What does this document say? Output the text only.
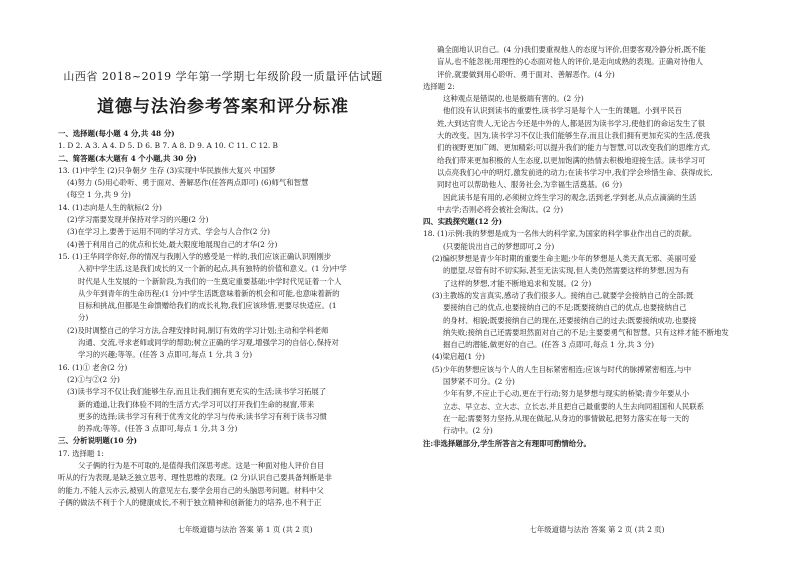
山西省 2018~2019 学年第一学期七年级阶段一质量评估试题
道德与法治参考答案和评分标准
一、选择题(每小题 4 分,共 48 分)
1. D 2. A 3. A 4. D 5. D 6. B 7. A 8. D 9. A 10. C 11. C 12. B
二、简答题(本大题有 4 个小题,共 30 分)
13. (1)中学生 (2)只争朝夕 生存 (3)实现中华民族伟大复兴 中国梦
(4)努力 (5)用心聆听、勇于面对、善解恶作(任答两点即可) (6)师气和智慧
(每空 1 分,共 9 分)
14. (1)志向是人生的航标(2 分)
(2)学习需要发现并保持对学习的兴趣(2 分)
(3)在学习上,要善于运用不同的学习方式、学会与人合作(2 分)
(4)善于利用自己的优点和长处,最大限度地展现自己的才华(2 分)
15. (1)王华同学你好,你的情况与我刚入学的感受是一样的,我们应该正确认识刚刚步
入初中学生活,这是我们成长的又一个新的起点,具有独特的价值和意义。(1 分)中学
时代是人生发展的一个新阶段,为我们的一生奠定重要基础;中学时代见证着一个人
从少年到青年的生命历程;(1 分)中学生活既意味着新的机会和可能,也意味着新的
目标和挑战,但都是生命馈赠给我们的成长礼物,我们应该珍惜,更要尽快适应。(1
分)
(2)及时调整自己的学习方法,合理安排时间,制订有效的学习计划;主动和学科老师
沟通、交流,寻求老师或同学的帮助;树立正确的学习观,增强学习的自信心,保持对
学习的兴趣;等等。(任答 3 点即可,每点 1 分,共 3 分)
16. (1)① 老舍(2 分)
(2)①与②(2 分)
(3)读书学习不仅让我们能够生存,而且让我们拥有更充实的生活;读书学习拓展了
新的通道,让我们体验不同的生活方式;学习可以打开我们生命的视窗,带来
更多的选择;读书学习有利于优秀文化的学习与传承;读书学习有利于读书习惯
的养成;等等。(任答 3 点即可,每点 1 分,共 3 分)
三、分析说明题(10 分)
17. 选择题 1:
父子俩的行为是不可取的,是值得我们深思考虑。这是一种面对他人评价自目
听从的行为表现,是缺乏独立思考、理性思维的表现。(2 分)认识自己要具备判断是非
的能力,不能人云亦云,被别人的意见左右,要学会用自己的头脑思考问题。材料中父
子俩的做法不利于个人的健康成长,不利于独立精神和创新能力的培养,也不利于正
七年级道德与法治 答案 第 1 页 (共 2 页)
确全面地认识自己。(4 分)我们要重视他人的态度与评价,但要客观冷静分析,既不能
盲从,也不能忽视;用理性的心态面对他人的评价,是走向成熟的表现。正确对待他人
评价,就要做到用心聆听、勇于面对、善解恶作。(4 分)
选择题 2:
这种观点是错误的,也是极端有害的。(2 分)
他们没有认识到读书的重要性,读书学习是每个人一生的课题。小到平民百
姓,大到达官贵人,无论古今还是中外的人,都是因为读书学习,使他们的命运发生了很
大的改变。因为,读书学习不仅让我们能够生存,而且让我们拥有更加充实的生活,使我
们的视野更加广阔、更加精彩;可以提升我们的能力与智慧,可以改变我们的思维方式,
给我们带来更加积极的人生态度,以更加饱满的热情去积极地迎接生活。读书学习可
以点亮我们心中的明灯,激发前进的动力;在读书学习中,我们学会珍惜生命、获得成长,
同时也可以帮助他人、服务社会,为幸福生活奠基。(6 分)
因此读书是有用的,必须树立终生学习的观念,活到老,学到老,从点点滴滴的生活
中去学;否则必将会被社会淘汰。(2 分)
四、实践探究题(12 分)
18. (1)示例:我的梦想是成为一名伟大的科学家,为国家的科学事业作出自己的贡献。
(只要能说出自己的梦想即可,2 分)
(2)编织梦想是青少年时期的重要生命主题;少年的梦想是人类天真无邪、美丽可爱
的愿望,尽管有时不切实际,甚至无法实现,但人类仍然需要这样的梦想,因为有
了这样的梦想,才能不断地追求和发展。(2 分)
(3)主教练的发言真实,感动了我们很多人。接纳自己,就要学会接纳自己的全部;既
要接纳自己的优点,也要接纳自己的不足;既要接纳自己的优点,也要接纳自己
的身材、相貌;既要接纳自己的现在,还要接纳自己的过去;既要接纳成功,也要接
纳失败;接纳自己还需要坦然面对自己的不足;主要要勇气和智慧。只有这样才能不断地发
掘自己的潜能,做更好的自己。(任答 3 点即可,每点 1 分,共 3 分)
(4)梁启超(1 分)
(5)少年的梦想应该与个人的人生目标紧密相连;应该与时代的脉搏紧密相连,与中
国梦紧不可分。(2 分)
少年有梦,不应止于心动,更在于行动;努力是梦想与现实的桥梁;青少年要从小
立志、早立志、立大志、立长志,并且把自己最重要的人生去向同祖国和人民联系
在一起;需要努力坚持,从现在做起,从身边的事情做起,把努力落实在每一天的
行动中。(2 分)
注:非选择题部分,学生所答言之有理即可酌情给分。
七年级道德与法治 答案 第 2 页 (共 2 页)
